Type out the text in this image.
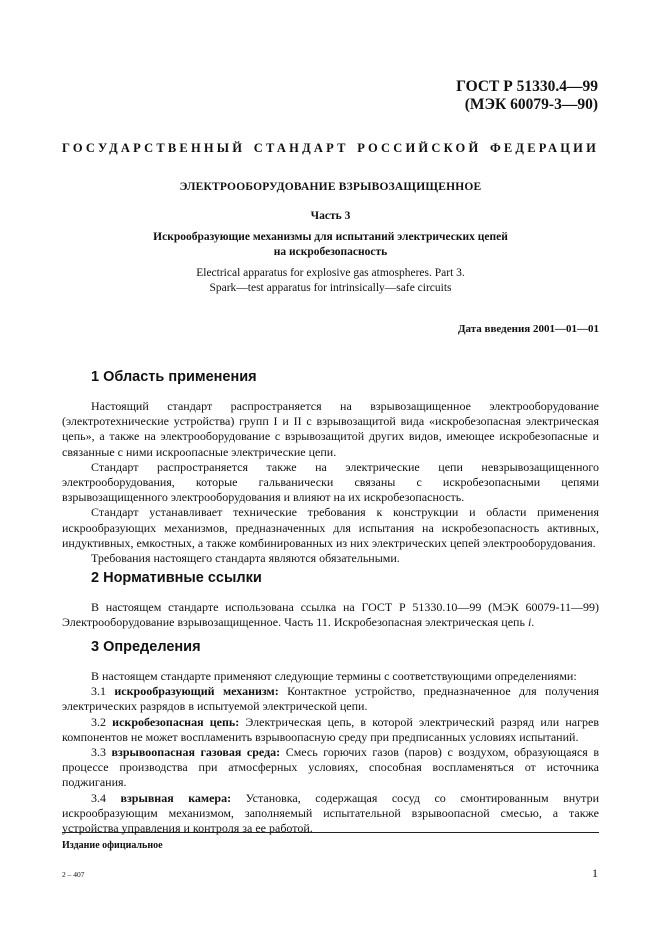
ГОСТ Р 51330.4—99
(МЭК 60079-3—90)
ГОСУДАРСТВЕННЫЙ СТАНДАРТ РОССИЙСКОЙ ФЕДЕРАЦИИ
ЭЛЕКТРООБОРУДОВАНИЕ ВЗРЫВОЗАЩИЩЕННОЕ
Часть 3
Искрообразующие механизмы для испытаний электрических цепей
на искробезопасность
Electrical apparatus for explosive gas atmospheres. Part 3.
Spark—test apparatus for intrinsically—safe circuits
Дата введения 2001—01—01
1 Область применения

Настоящий стандарт распространяется на взрывозащищенное электрооборудование (электротехнические устройства) групп I и II с взрывозащитой вида «искробезопасная электрическая цепь», а также на электрооборудование с взрывозащитой других видов, имеющее искробезопасные и связанные с ними искроопасные электрические цепи.

Стандарт распространяется также на электрические цепи невзрывозащищенного электрооборудования, которые гальванически связаны с искробезопасными цепями взрывозащищенного электрооборудования и влияют на их искробезопасность.

Стандарт устанавливает технические требования к конструкции и области применения искрообразующих механизмов, предназначенных для испытания на искробезопасность активных, индуктивных, емкостных, а также комбинированных из них электрических цепей электрооборудования.

Требования настоящего стандарта являются обязательными.

2 Нормативные ссылки

В настоящем стандарте использована ссылка на ГОСТ Р 51330.10—99 (МЭК 60079-11—99) Электрооборудование взрывозащищенное. Часть 11. Искробезопасная электрическая цепь i.

3 Определения

В настоящем стандарте применяют следующие термины с соответствующими определениями:

3.1 искрообразующий механизм: Контактное устройство, предназначенное для получения электрических разрядов в испытуемой электрической цепи.

3.2 искробезопасная цепь: Электрическая цепь, в которой электрический разряд или нагрев компонентов не может воспламенить взрывоопасную среду при предписанных условиях испытаний.

3.3 взрывоопасная газовая среда: Смесь горючих газов (паров) с воздухом, образующаяся в процессе производства при атмосферных условиях, способная воспламеняться от источника поджигания.

3.4 взрывная камера: Установка, содержащая сосуд со смонтированным внутри искрообразующим механизмом, заполняемый испытательной взрывоопасной смесью, а также устройства управления и контроля за ее работой.

Издание официальное
2 – 407	1
